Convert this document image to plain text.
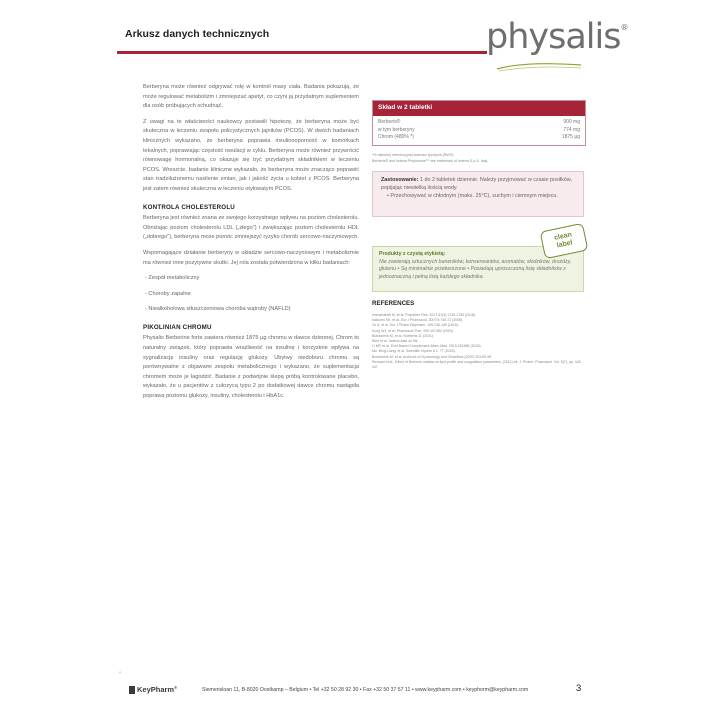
Arkusz danych technicznych	physalis®

Berberyna może również odgrywać rolę w kontroli masy ciała. Badania pokazują, że może regulować metabolizm i zmniejszać apetyt, co czyni ją przydatnym suplementem dla osób próbujących schudnąć.

Z uwagi na te właściwości naukowcy postawili hipotezę, że berberyna może być skuteczna w leczeniu zespołu policystycznych jajników (PCOS). W dwóch badaniach klinicznych wykazano, że berberyna poprawia insulinooporność w komórkach tekalnych, poprawiając częstość owulacji w cyklu. Berberyna może również przywrócić równowagę hormonalną, co okazuje się być przydatnym składnikiem w leczeniu PCOS. Wreszcie, badanie kliniczne wykazało, że berberyna może znacząco poprawić stan tradziłużonemu nasilenie zmian, jak i jakość życia u kobiet z PCOS. Berberyna jest zatem również skuteczna w leczeniu otyłowatym PCOS.

KONTROLA CHOLESTEROLU

Berberyna jest również znana ze swojego korzystnego wpływu na poziom cholesterolu. Obniżając poziom cholesterolu LDL („złego") i zwiększając poziom cholesterolu HDL („dobrego"), berberyna może pomóc zmniejszyć ryzyko chorób sercowo-naczyniowych.

Wspomagające działanie berberyny w układzie sercowo-naczyniowym i metabolizmie ma również inne pozytywne skutki. Jej rola została potwierdzona w kilku badaniach:

- Zespół metaboliczny
- Choroby zapalne
- Niealkoholowa stłuszczeniowa choroba wątroby (NAFLD)
PIKOLINIAN CHROMU

Physalis Berberine forte zawiera również 1875 µg chromu w dawce dziennej. Chrom to naturalny związek, który poprawia wrażliwość na insulinę i korzystnie wpływa na sygnalizację insuliny oraz regulację glukozy. Ubytwy niedoboru chromu są porównywalne z objawami zespołu metabolicznego i wykazano, że suplementacja chromem może je łagodzić. Badanie z podwójnie ślepą próbą kontrolowane placebo, wykazało, że u pacjentów z cukrzycą typu 2 po dodatkowej dawce chromu nastąpiła poprawa poziomu glukozy, insuliny, cholesterolu i HbA1c.

Skład w 2 tabletki
Berberis®	900 mg
w tym berberyny	774 mg
Chrom (480% *)	1875 µg
*% dziennej referencyjnej wartości spożycia (RWS)
Berberis® and Indena Phytosome™ are trademark of Indena S.p.A. Italy.
Zastosowanie: 1 do 2 tabletek dziennie. Należy przyjmować w czasie posiłków, popijając niewielką ilością wody.
• Przechowywać w chłodnym (maks. 25°C), suchym i ciemnym miejscu.
Produkty z czystą etykietą:
Nie zawierają sztucznych barwników, konserwantów, aromatów, słodzików, drożdży, glutenu • Są minimalnie przetworzone • Posiadają uproszczoną listę składników z jednoznaczną i pełną listą każdego składnika.
clean
label
REFERENCES
Imenshahidi M, et al. Phytother Res. 2017;31(3):1745-1756 (2018).
Kalkoen SK, et al. Eur J Pharmacol. 2007;5:740-72 (2008).
Yu S, et al. Eur J Pharm Biopharm. 105:136-146 (2016).
Kong WJ, et al. Pharmacol Ther. 209:107484 (2020).
Bondarenk M, et al. Nutrients 11 (2021).
Rieu et al. Indena data on file.
Li MF, et al. Evid Based Complement Altern Med. 2015:251685 (2016).
Mo, Bing-Liang, et al. Scientific reports 6.1: 77 (2016).
Bondarenk M, et al. Archives of Gynecology and Obstetrics (2020) 301:89-98
Rezzani et al., Effect of Berberis oratata on lipid profile and coagulation parameters. (2011) Int. J. Pharm. Pharmacol. Vol. 5(7), pp. 443-447
w
KeyPharm®	Siemensloan 11, B-8020 Oostkamp – Belgium • Tel +32 50 28 92 30 • Fax +32 50 37 57 11 • www.keypharm.com • keyphorm@keypharm.com	3
